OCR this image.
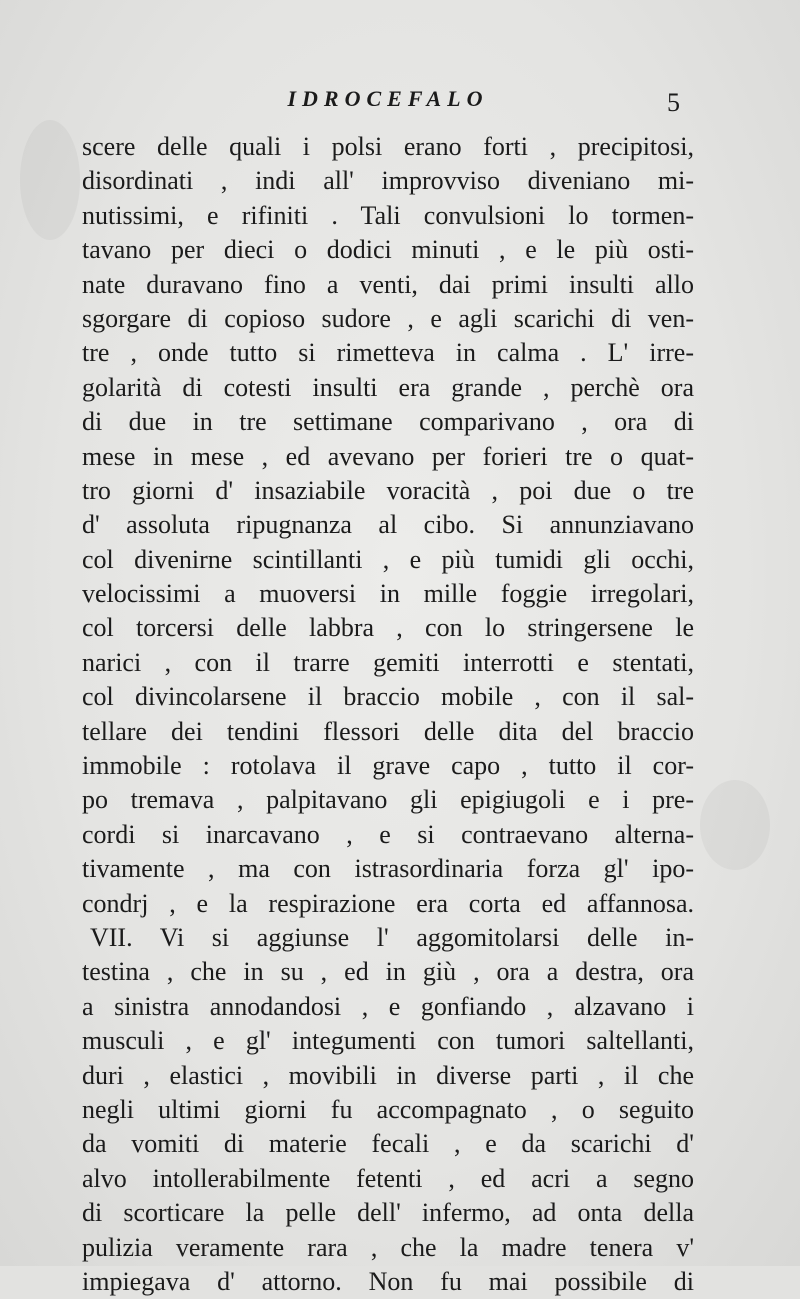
IDROCEFALO	5
scere delle quali i polsi erano forti , precipitosi,
disordinati , indi all' improvviso diveniano mi-
nutissimi, e rifiniti . Tali convulsioni lo tormen-
tavano per dieci o dodici minuti , e le più osti-
nate duravano fino a venti, dai primi insulti allo
sgorgare di copioso sudore , e agli scarichi di ven-
tre , onde tutto si rimetteva in calma . L' irre-
golarità di cotesti insulti era grande , perchè ora
di due in tre settimane comparivano , ora di
mese in mese , ed avevano per forieri tre o quat-
tro giorni d' insaziabile voracità , poi due o tre
d' assoluta ripugnanza al cibo. Si annunziavano
col divenirne scintillanti , e più tumidi gli occhi,
velocissimi a muoversi in mille foggie irregolari,
col torcersi delle labbra , con lo stringersene le
narici , con il trarre gemiti interrotti e stentati,
col divincolarsene il braccio mobile , con il sal-
tellare dei tendini flessori delle dita del braccio
immobile : rotolava il grave capo , tutto il cor-
po tremava , palpitavano gli epigiugoli e i pre-
cordi si inarcavano , e si contraevano alterna-
tivamente , ma con istrasordinaria forza gl' ipo-
condrj , e la respirazione era corta ed affannosa.
VII. Vi si aggiunse l' aggomitolarsi delle in-
testina , che in su , ed in giù , ora a destra, ora
a sinistra annodandosi , e gonfiando , alzavano i
musculi , e gl' integumenti con tumori saltellanti,
duri , elastici , movibili in diverse parti , il che
negli ultimi giorni fu accompagnato , o seguito
da vomiti di materie fecali , e da scarichi d'
alvo intollerabilmente fetenti , ed acri a segno
di scorticare la pelle dell' infermo, ad onta della
pulizia veramente rara , che la madre tenera v'
impiegava d' attorno. Non fu mai possibile di
